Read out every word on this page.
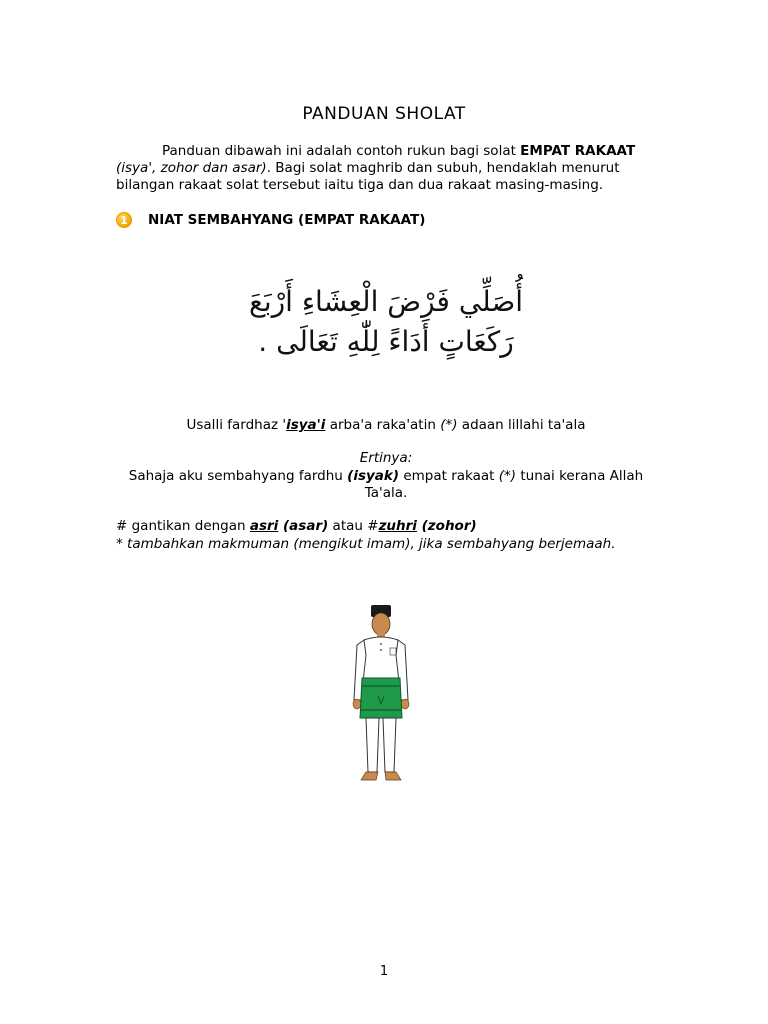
PANDUAN SHOLAT
Panduan dibawah ini adalah contoh rukun bagi solat EMPAT RAKAAT
(isya', zohor dan asar). Bagi solat maghrib dan subuh, hendaklah menurut bilangan rakaat solat tersebut iaitu tiga dan dua rakaat masing-masing.
1	NIAT SEMBAHYANG (EMPAT RAKAAT)
أُصَلِّي فَرْضَ الْعِشَاءِ أَرْبَعَ
رَكَعَاتٍ أَدَاءً لِلّٰهِ تَعَالَى .
Usalli fardhaz 'isya'i arba'a raka'atin (*) adaan lillahi ta'ala
Ertinya:
Sahaja aku sembahyang fardhu (isyak) empat rakaat (*) tunai kerana Allah Ta'ala.
# gantikan dengan asri (asar) atau #zuhri (zohor)
* tambahkan makmuman (mengikut imam), jika sembahyang berjemaah.
1
